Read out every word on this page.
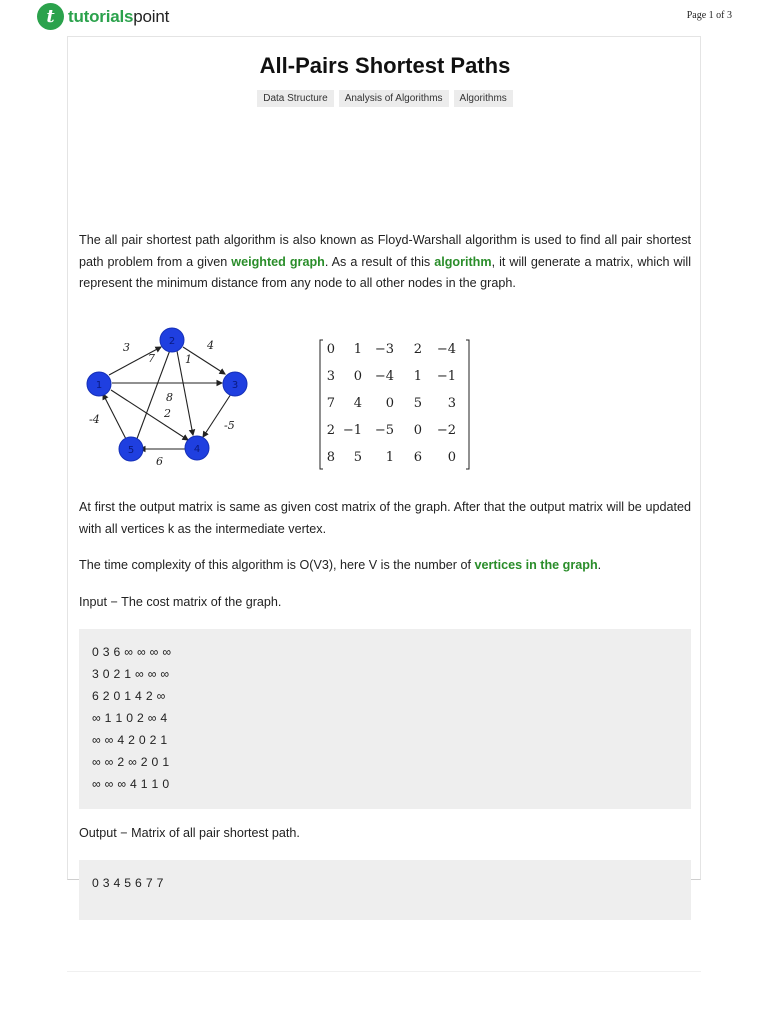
t tutorialspoint	Page 1 of 3
All-Pairs Shortest Paths
Data Structure	Analysis of Algorithms	Algorithms
The all pair shortest path algorithm is also known as Floyd-Warshall algorithm is used to find all pair shortest path problem from a given weighted graph. As a result of this algorithm, it will generate a matrix, which will represent the minimum distance from any node to all other nodes in the graph.
3	4
7	1
8
2
-4	-5
6
1
2
3
4
5
0 1 −3 2 −4
3 0 −4 1 −1
7 4 0 5 3
2 −1 −5 0 −2
8 5 1 6 0
At first the output matrix is same as given cost matrix of the graph. After that the output matrix will be updated with all vertices k as the intermediate vertex.
The time complexity of this algorithm is O(V3), here V is the number of vertices in the graph.
Input − The cost matrix of the graph.
0 3 6 ∞ ∞ ∞ ∞
3 0 2 1 ∞ ∞ ∞
6 2 0 1 4 2 ∞
∞ 1 1 0 2 ∞ 4
∞ ∞ 4 2 0 2 1
∞ ∞ 2 ∞ 2 0 1
∞ ∞ ∞ 4 1 1 0
Output − Matrix of all pair shortest path.
0 3 4 5 6 7 7
